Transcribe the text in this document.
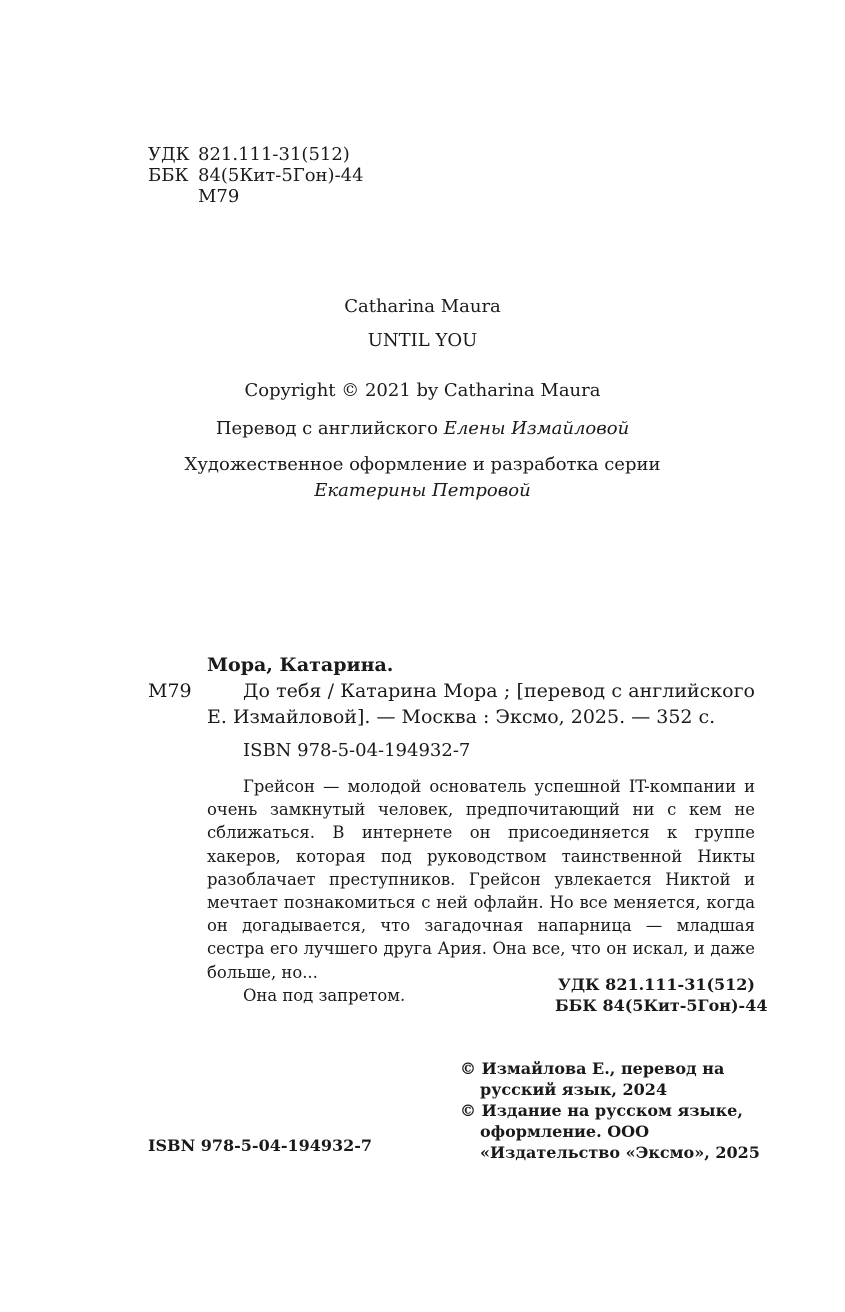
УДК 821.111-31(512)
ББК 84(5Кит-5Гон)-44
М79
Catharina Maura
UNTIL YOU
Copyright © 2021 by Catharina Maura
Перевод с английского Елены Измайловой
Художественное оформление и разработка серии
Екатерины Петровой
Мора, Катарина.
М79	До тебя / Катарина Мора ; [перевод с английского
Е. Измайловой]. — Москва : Эксмо, 2025. — 352 с.
ISBN 978-5-04-194932-7

Грейсон — молодой основатель успешной IT-компании и очень замкнутый человек, предпочитающий ни с кем не сближаться. В интернете он присоединяется к группе хакеров, которая под руководством таинственной Никты разоблачает преступников. Грейсон увлекается Никтой и мечтает познакомиться с ней офлайн. Но все меняется, когда он догадывается, что загадочная напарница — младшая сестра его лучшего друга Ария. Она все, что он искал, и даже больше, но...

Она под запретом.

УДК 821.111-31(512)
ББК 84(5Кит-5Гон)-44
© Измайлова Е., перевод на русский язык, 2024
© Издание на русском языке, оформление. ООО «Издательство «Эксмо», 2025
ISBN 978-5-04-194932-7
